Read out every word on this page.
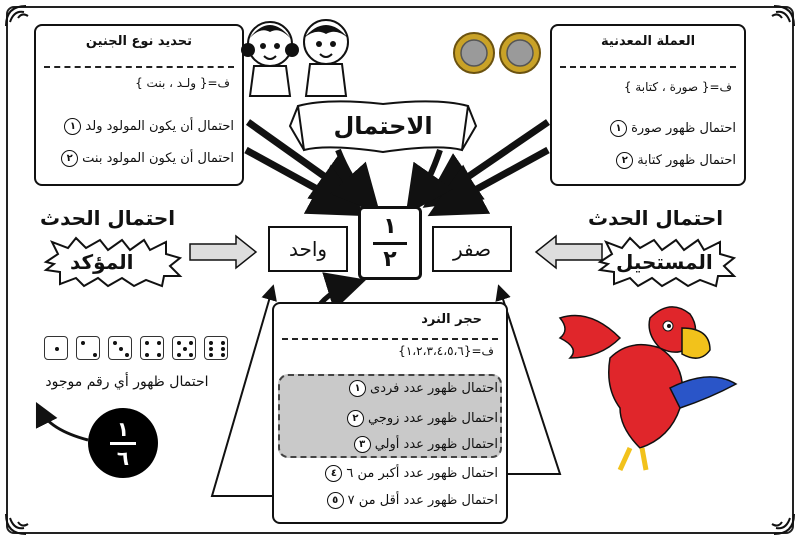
تحديد نوع الجنين
ف={ ولـد ، بنت }
١ احتمال أن يكون المولود ولد
٢ احتمال أن يكون المولود بنت
العملة المعدنية
ف={ صورة ، كتابة }
١ احتمال ظهور صورة
٢ احتمال ظهور كتابة
الاحتمال
١
٢
واحد	صفر
احتمال الحدث
المؤكد
احتمال الحدث
المستحيل
حجر النرد
ف={١،٢،٣،٤،٥،٦}
١ احتمال ظهور عدد فردى
٢ احتمال ظهور عدد زوجي
٣ احتمال ظهور عدد أولي
٤ احتمال ظهور عدد أكبر من ٦
٥ احتمال ظهور عدد أقل من ٧
احتمال ظهور أي رقم موجود
١
٦
